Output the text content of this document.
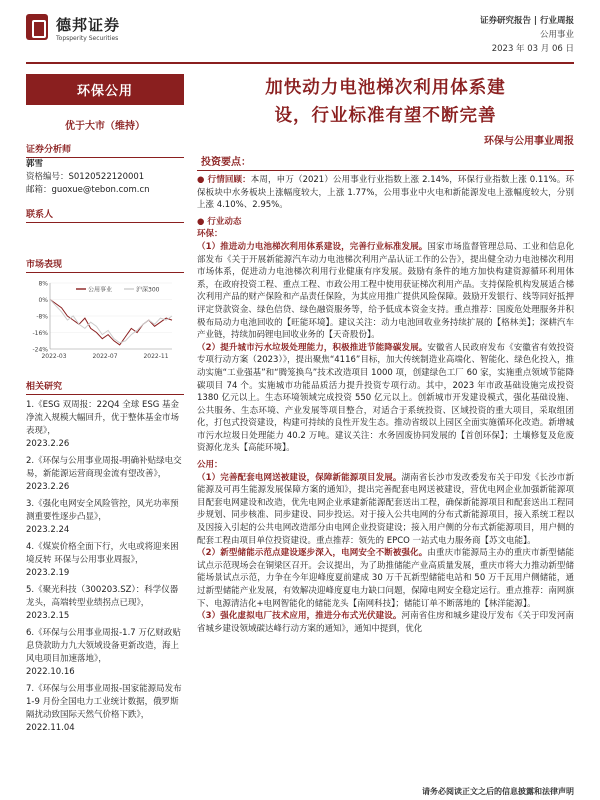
德邦证券
Topsperity Securities
证券研究报告 | 行业周报
公用事业
2023 年 03 月 06 日
环保公用
优于大市（维持）
证券分析师
郭雪
资格编号：S0120522120001
邮箱：guoxue@tebon.com.cn
联系人
市场表现
8%
0%
-8%
-16%
-24%
2022-03	2022-07	2022-11
公用事业	沪深300
相关研究
1.《ESG 双周报：22Q4 全球 ESG 基金净流入规模大幅回升，优于整体基金市场表现》，
2023.2.26
2.《环保与公用事业周报-明确补贴绿电交易，新能源运营商现金流有望改善》，
2023.2.26
3.《强化电网安全风险管控，风光功率预测重要性逐步凸显》，
2023.2.24
4.《煤炭价格全面下行，火电或将迎来困境反转 环保与公用事业周报》，
2023.2.19
5.《聚光科技（300203.SZ）：科学仪器龙头，高端转型业绩拐点已现》，
2023.2.15
6.《环保与公用事业周报-1.7 万亿财政贴息贷款助力九大领域设备更新改造，海上风电项目加速落地》，
2022.10.16
7.《环保与公用事业周报-国家能源局发布 1-9 月份全国电力工业统计数据，俄罗斯隔扰动致国际天然气价格下跌》，
2022.11.04
加快动力电池梯次利用体系建
设，行业标准有望不断完善
环保与公用事业周报
投资要点：

● 行情回顾：本周，申万（2021）公用事业行业指数上涨 2.14%，环保行业指数上涨 0.11%。环保板块中水务板块上涨幅度较大，上涨 1.77%，公用事业中火电和新能源发电上涨幅度较大，分别上涨 4.10%、2.95%。

● 行业动态

环保：

（1）推进动力电池梯次利用体系建设，完善行业标准发展。国家市场监督管理总局、工业和信息化部发布《关于开展新能源汽车动力电池梯次利用产品认证工作的公告》，提出健全动力电池梯次利用市场体系，促进动力电池梯次利用行业健康有序发展。鼓励有条件的地方加快构建资源循环利用体系，在政府投资工程、重点工程、市政公用工程中使用获证梯次利用产品。支持保险机构发展适合梯次利用产品的财产保险和产品责任保险，为其应用推广提供风险保障。鼓励开发银行、线等同好抵押评定贷款资金、绿色信贷、绿色融资服务等，给予低成本资金支持。重点推荐：国废危处理服务并积极布局动力电池回收的【旺能环境】。建议关注：动力电池回收业务持续扩展的【格林美】；深耕汽车产业链，持续加码锂电回收业务的【天奇股份】。

（2）提升城市污水垃圾处理能力，积极推进节能降碳发展。安徽省人民政府发布《安徽省有效投资专项行动方案（2023）》，提出聚焦“4116”目标，加大传统制造业高端化、智能化、绿色化投入，推动实施“工业强基”和“腾笼换鸟”技术改造项目 1000 项，创建绿色工厂 60 家，实施重点领域节能降碳项目 74 个。实施城市功能品质活力提升投资专项行动。其中，2023 年市政基础设施完成投资 1380 亿元以上。生态环境领域完成投资 550 亿元以上。创新城市开发建设模式，强化基础设施、公共服务、生态环境、产业发展等项目整合，对适合于系统投资、区域投资的重大项目，采取组团化，打包式投资建设，构建可持续的良性开发生态。推动省级以上园区全面实施循环化改造。新增城市污水垃圾日处理能力 40.2 万吨。建议关注：水务固废协同发展的【首创环保】；土壤修复及危废资源化龙头【高能环境】。

公用：

（1）完善配套电网送被建设，保障新能源项目发展。湖南省长沙市发改委发布关于印发《长沙市新能源及可再生能源发展保障方案的通知》，提出完善配套电网送被建设，营优电网企业加强新能源项目配套电网建设和改造，优先电网企业承建新能源配套送出工程，确保新能源项目和配套送出工程同步规划、同步核准、同步建设、同步投运。对于接入公共电网的分布式新能源项目，接入系统工程以及因接入引起的公共电网改造部分由电网企业投资建设；接入用户侧的分布式新能源项目，用户侧的配套工程由项目单位投资建设。重点推荐：领先的 EPCO 一站式电力服务商【苏文电能】。

（2）新型储能示范点建设逐步深入，电网安全不断被强化。由重庆市能源局主办的重庆市新型储能试点示范现场会在铜梁区召开。会议提出，为了助推储能产业高质量发展，重庆市将大力推动新型储能场景试点示范，力争在今年迎峰度夏前建成 30 万千瓦新型储能电站和 50 万千瓦用户侧储能，通过新型储能产业发展，有效解决迎峰度夏电力缺口问题，保障电网安全稳定运行。重点推荐：南网旗下、电源清洁化+电网智能化的储能龙头【南网科技】；储能订单不断落地的【林洋能源】。

（3）强化虚拟电厂技术应用，推进分布式光伏建设。河南省住房和城乡建设厅发布《关于印发河南省城乡建设领域碳达峰行动方案的通知》，通知中提到，优化

请务必阅读正文之后的信息披露和法律声明
